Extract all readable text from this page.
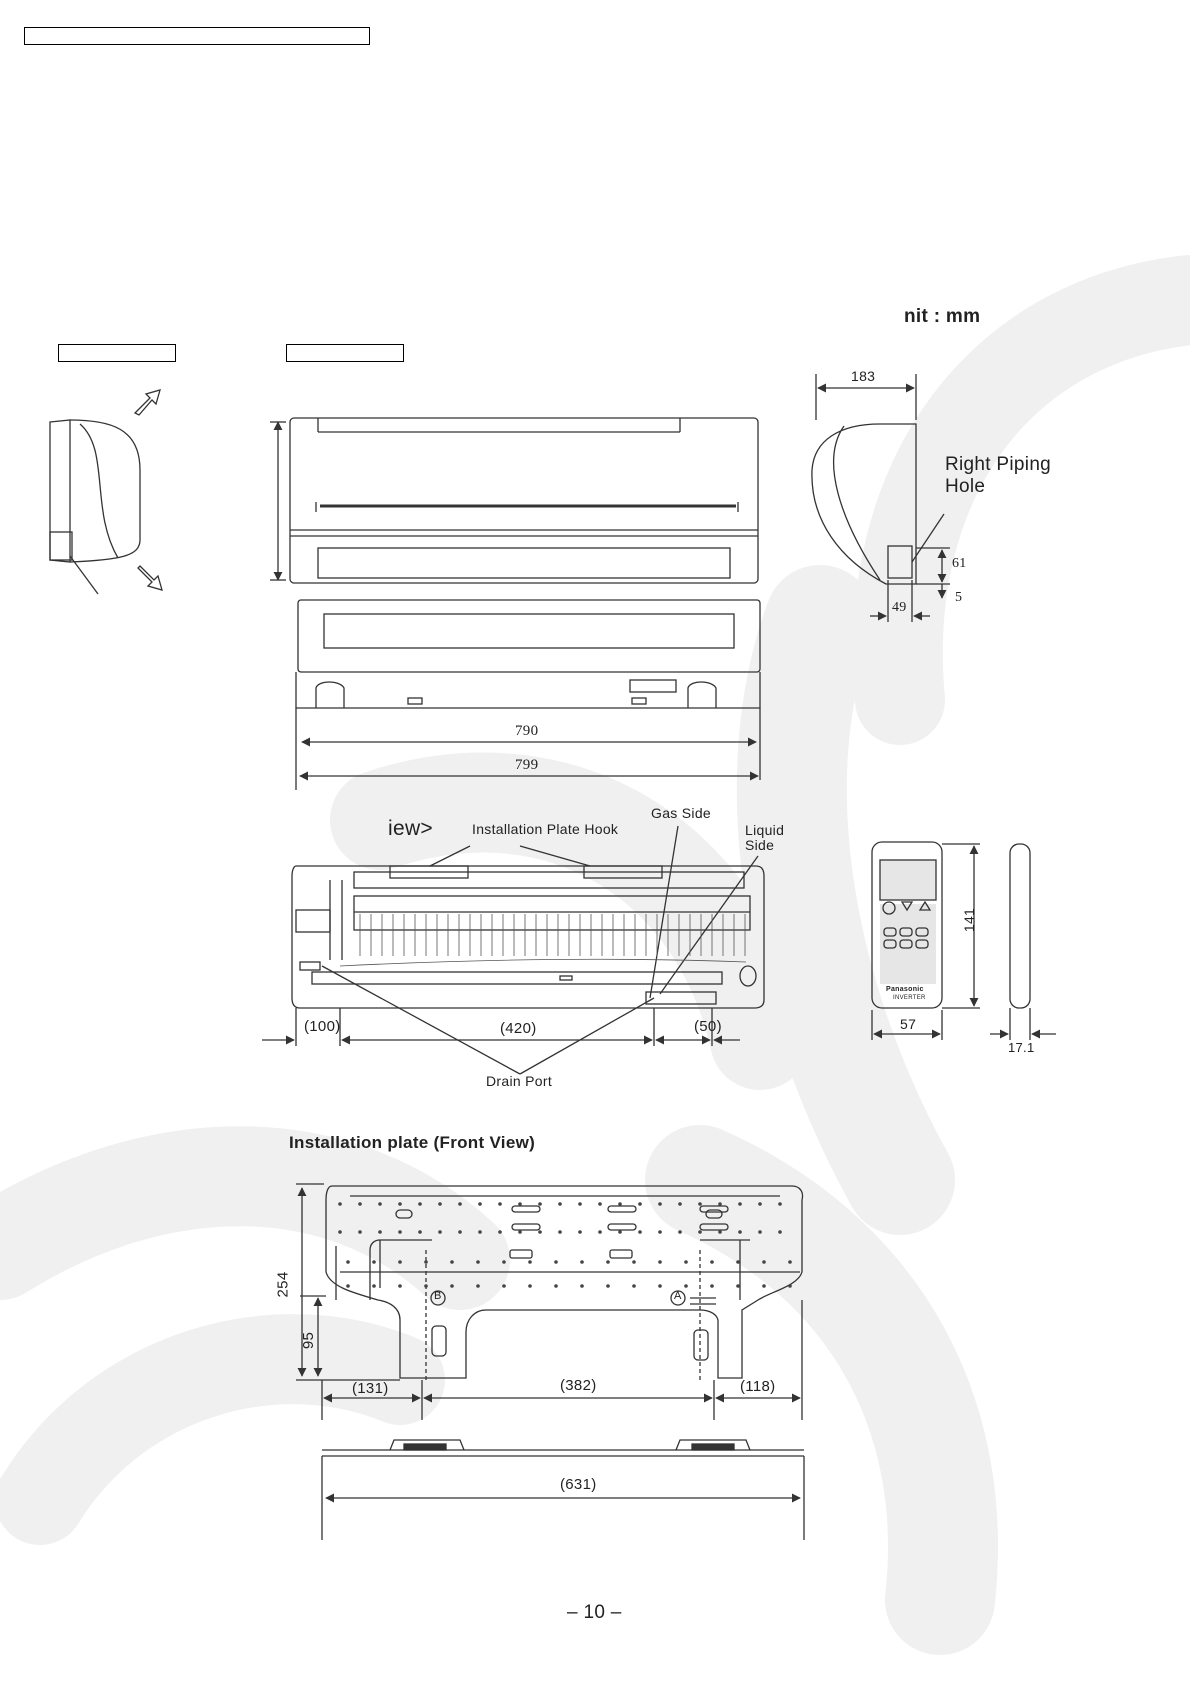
nit : mm
183
Right Piping
Hole
61
5
49
790
799
iew>	Installation Plate Hook
Gas Side
Liquid
Side
Drain Port
(100)	(420)	(50)
Panasonic
INVERTER
141
57
17.1
Installation plate (Front View)
254
95
B	A
(131)	(382)	(118)
(631)
– 10 –
